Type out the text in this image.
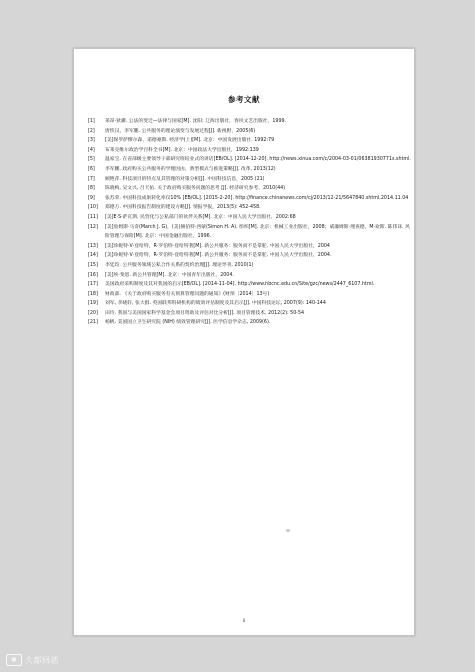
参考文献
[1]	莱昂·狄骥. 公法的变迁—法律与国家[M]. 沈阳: 辽海出版社，春风文艺出版社，1999.
[2]	唐铁汉，李军鹏. 公共服务的理论演变与发展过程[J]. 新视野，2005(6)
[3]	[美]保罗萨缪尔森，诺德豪斯. 经济学(上)[M]. 北京：中国发展出版社. 1992:79
[4]	布莱克维尔政治学百科全书[M]. 北京：中国政法大学出版社，1992:139
[5]	温家宝. 在省部级主要领导干部研究班结业式的讲话[EB/OL]. [2014-12-20]. http://news.xinua.com/c/2004-03-01/06381930771s.shtml.
[6]	李军鹏. 政府购买公共服务的学理因由、典型模式与推进策略[J]. 改革, 2013(12)
[7]	顾艳萍. 科技项目的特点及其管理的对策分析[J]. 中国科技信息，2005 (21)
[8]	陈晓梅, 吴文兴, 吕天佑. 关于政府购买服务问题的思考 [J]. 经济研究参考，2010(44)
[9]	张苏荣. 中国科技成果转化率仅10% [EB/OL]. [2015-2-20]. http://finance.chinanews.com/cj/2013/12-21/5647840.shtml,2014.11.04
[10]	郑德万. 中国科技报告制度的建设方略[J]. 情报学报，2013(5): 452-458.
[11]	[美]E·S·萨瓦斯. 民营化与公私部门的伙伴关系[M]. 北京：中国人民大学出版社，2002:68
[12]	[美]詹姆斯·马奇(March J. G)，(美)赫伯特·西蒙(Simon H. A). 组织[M]. 北京：机械工业出版社，2008；威廉姆斯·埋查德，M·欢斯. 陈伟译. 风险管理与保险[M]. 北京：中国金融出版社，1996.
[13]	[美]珍妮特·V·登哈特，R·罗伯特·登哈特著[M]. 新公共服务：服务而不是掌舵. 中国人民大学出版社，2004
[14]	[美]珍妮特·V·登哈特，R·罗伯特·登哈特著[M]. 新公共服务：服务而不是掌舵. 中国人民大学出版社，2004.
[15]	李廷均. 公共服务领域公私合作关系的契约治理[J]. 理论导刊, 2010(1)
[16]	[美]埃·斐恩. 新公共管理[M]. 北京：中国青年出版社，2004.
[17]	美国政府采购制度及其对我国的启示[EB/OL]. [2014-11-04]. http://www.hbcnc.edu.cn/Site/gzc/news/2447_6107.html.
[18]	财政部. 《关于政府购买服务有关预算管理问题的通知》(财预〔2014〕13号)
[19]	刘军, 李晓轩, 张大群. 英国联邦科研机构的绩效评估制度及其启示[J]. 中国科技论坛, 2007(9): 140-144
[20]	田玲. 我国与美国国家科学基金会项目资助及评估对比分析[J]. 项目管理技术, 2012(2): 50-54
[21]	杨帆. 美国国立卫生研究院 (NIH) 绩效管理研究[J]. 医学信息学杂志, 2009(6).
8
▣	大都回话
